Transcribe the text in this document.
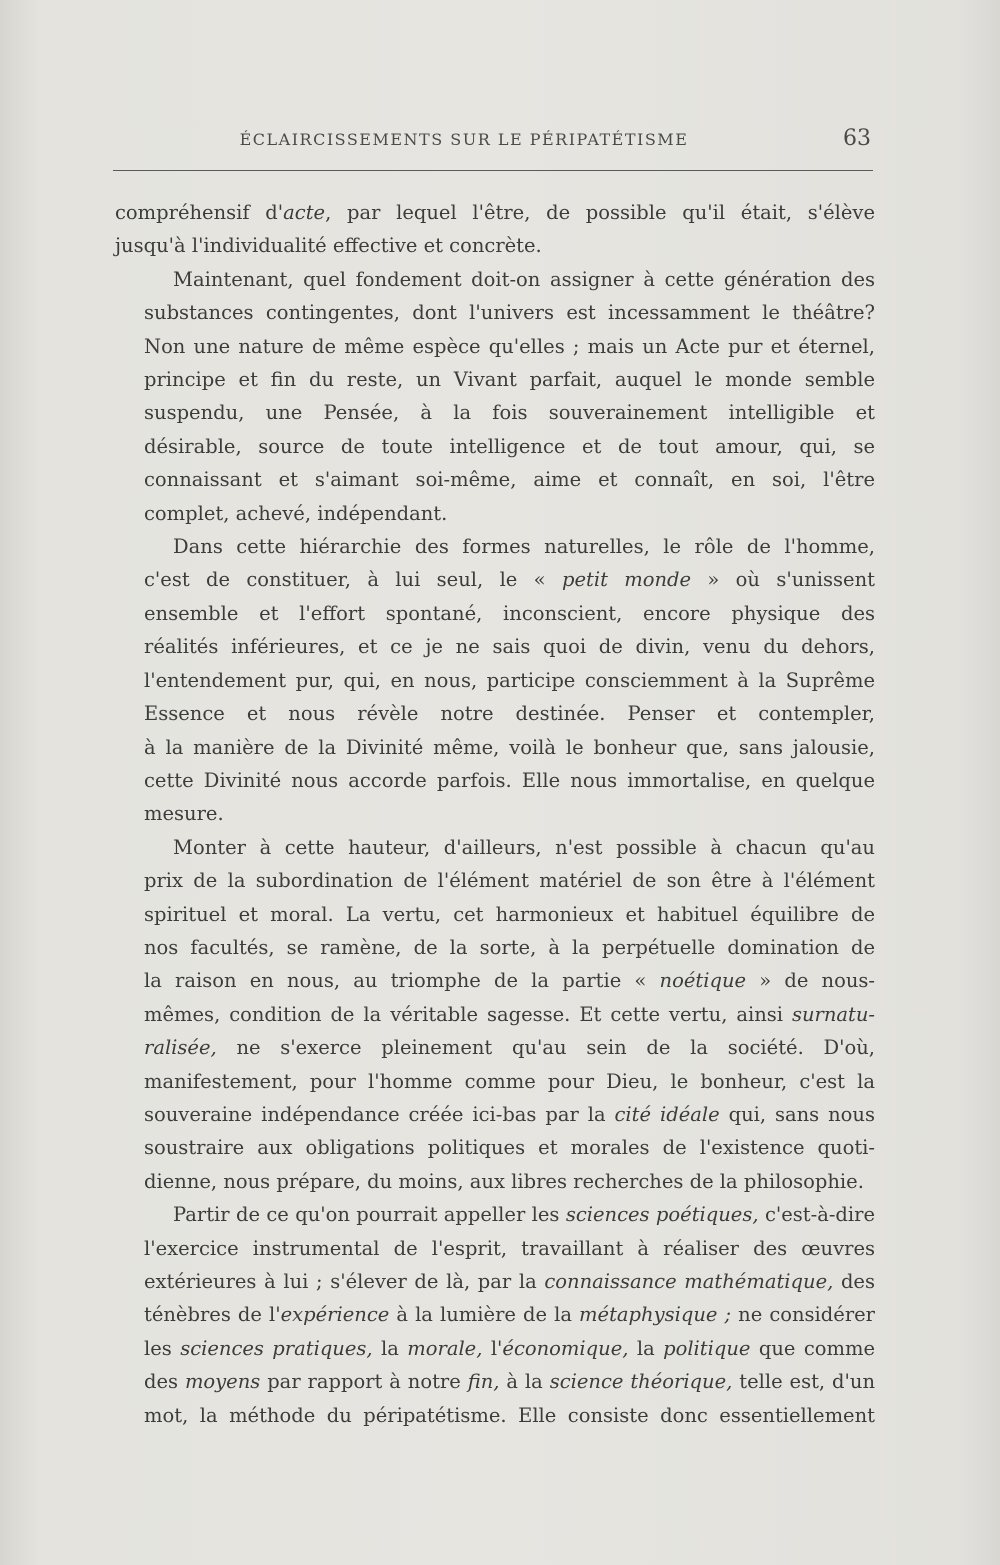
ÉCLAIRCISSEMENTS SUR LE PÉRIPATÉTISME	63

compréhensif d'acte, par lequel l'être, de possible qu'il était, s'élève
jusqu'à l'individualité effective et concrète.

Maintenant, quel fondement doit-on assigner à cette génération des
substances contingentes, dont l'univers est incessamment le théâtre?
Non une nature de même espèce qu'elles ; mais un Acte pur et éternel,
principe et fin du reste, un Vivant parfait, auquel le monde semble
suspendu, une Pensée, à la fois souverainement intelligible et
désirable, source de toute intelligence et de tout amour, qui, se
connaissant et s'aimant soi-même, aime et connaît, en soi, l'être
complet, achevé, indépendant.

Dans cette hiérarchie des formes naturelles, le rôle de l'homme,
c'est de constituer, à lui seul, le « petit monde » où s'unissent
ensemble et l'effort spontané, inconscient, encore physique des
réalités inférieures, et ce je ne sais quoi de divin, venu du dehors,
l'entendement pur, qui, en nous, participe consciemment à la Suprême
Essence et nous révèle notre destinée. Penser et contempler,
à la manière de la Divinité même, voilà le bonheur que, sans jalousie,
cette Divinité nous accorde parfois. Elle nous immortalise, en quelque
mesure.

Monter à cette hauteur, d'ailleurs, n'est possible à chacun qu'au
prix de la subordination de l'élément matériel de son être à l'élément
spirituel et moral. La vertu, cet harmonieux et habituel équilibre de
nos facultés, se ramène, de la sorte, à la perpétuelle domination de
la raison en nous, au triomphe de la partie « noétique » de nous-
mêmes, condition de la véritable sagesse. Et cette vertu, ainsi surnatu-
ralisée, ne s'exerce pleinement qu'au sein de la société. D'où,
manifestement, pour l'homme comme pour Dieu, le bonheur, c'est la
souveraine indépendance créée ici-bas par la cité idéale qui, sans nous
soustraire aux obligations politiques et morales de l'existence quoti-
dienne, nous prépare, du moins, aux libres recherches de la philosophie.

Partir de ce qu'on pourrait appeller les sciences poétiques, c'est-à-dire
l'exercice instrumental de l'esprit, travaillant à réaliser des œuvres
extérieures à lui ; s'élever de là, par la connaissance mathématique, des
ténèbres de l'expérience à la lumière de la métaphysique ; ne considérer
les sciences pratiques, la morale, l'économique, la politique que comme
des moyens par rapport à notre fin, à la science théorique, telle est, d'un
mot, la méthode du péripatétisme. Elle consiste donc essentiellement
